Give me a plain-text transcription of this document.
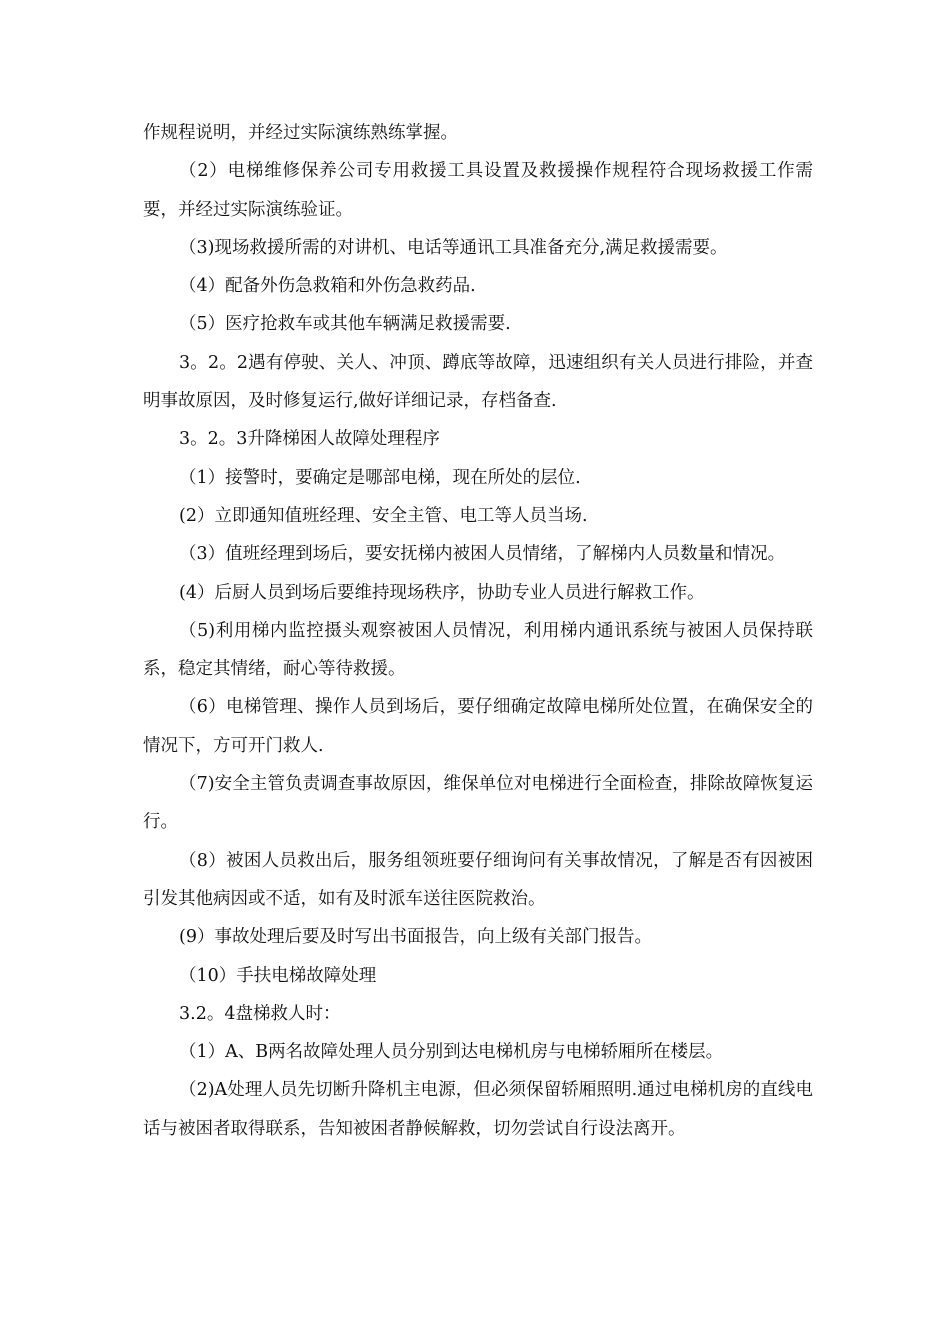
作规程说明，并经过实际演练熟练掌握。

（2）电梯维修保养公司专用救援工具设置及救援操作规程符合现场救援工作需要，并经过实际演练验证。

（3)现场救援所需的对讲机、电话等通讯工具准备充分,满足救援需要。

（4）配备外伤急救箱和外伤急救药品.

（5）医疗抢救车或其他车辆满足救援需要.

3。2。2遇有停驶、关人、冲顶、蹲底等故障，迅速组织有关人员进行排险，并查明事故原因，及时修复运行,做好详细记录，存档备查.

3。2。3升降梯困人故障处理程序

（1）接警时，要确定是哪部电梯，现在所处的层位.

(2）立即通知值班经理、安全主管、电工等人员当场.

（3）值班经理到场后，要安抚梯内被困人员情绪，了解梯内人员数量和情况。

(4）后厨人员到场后要维持现场秩序，协助专业人员进行解救工作。

（5)利用梯内监控摄头观察被困人员情况，利用梯内通讯系统与被困人员保持联系，稳定其情绪，耐心等待救援。

（6）电梯管理、操作人员到场后，要仔细确定故障电梯所处位置，在确保安全的情况下，方可开门救人.

（7)安全主管负责调查事故原因，维保单位对电梯进行全面检查，排除故障恢复运行。

（8）被困人员救出后，服务组领班要仔细询问有关事故情况，了解是否有因被困引发其他病因或不适，如有及时派车送往医院救治。

(9）事故处理后要及时写出书面报告，向上级有关部门报告。

（10）手扶电梯故障处理

3.2。4盘梯救人时：

（1）A、B两名故障处理人员分别到达电梯机房与电梯轿厢所在楼层。

（2)A处理人员先切断升降机主电源，但必须保留轿厢照明.通过电梯机房的直线电话与被困者取得联系，告知被困者静候解救，切勿尝试自行设法离开。
